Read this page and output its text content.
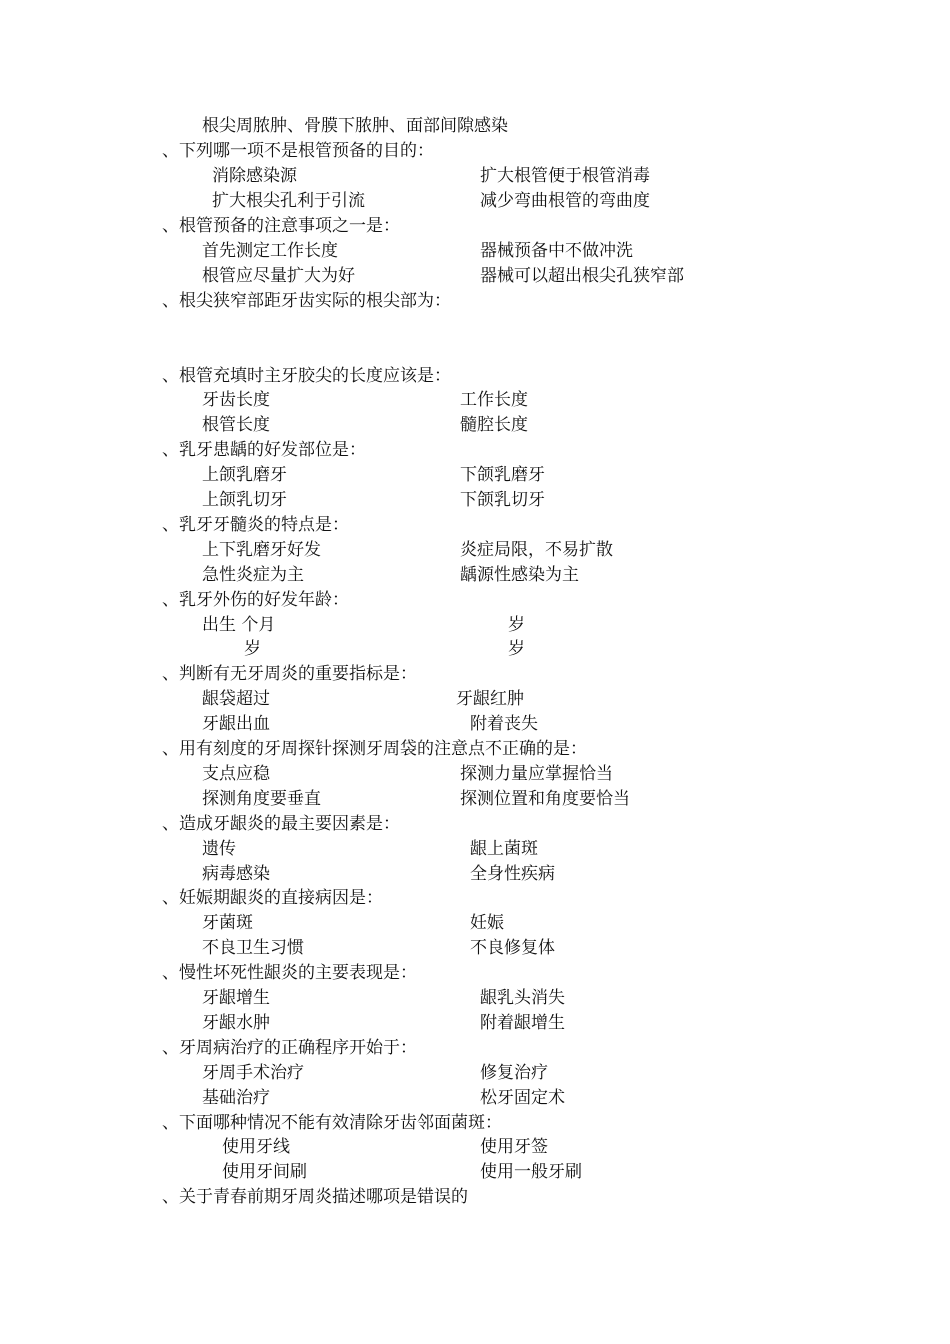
根尖周脓肿、骨膜下脓肿、面部间隙感染
、下列哪一项不是根管预备的目的：
消除感染源	扩大根管便于根管消毒
扩大根尖孔利于引流	减少弯曲根管的弯曲度
、根管预备的注意事项之一是：
首先测定工作长度	器械预备中不做冲洗
根管应尽量扩大为好	器械可以超出根尖孔狭窄部
、根尖狭窄部距牙齿实际的根尖部为：
、根管充填时主牙胶尖的长度应该是：
牙齿长度	工作长度
根管长度	髓腔长度
、乳牙患龋的好发部位是：
上颌乳磨牙	下颌乳磨牙
上颌乳切牙	下颌乳切牙
、乳牙牙髓炎的特点是：
上下乳磨牙好发	炎症局限，不易扩散
急性炎症为主	龋源性感染为主
、乳牙外伤的好发年龄：
出生 个月	岁
岁	岁
、判断有无牙周炎的重要指标是：
龈袋超过	牙龈红肿
牙龈出血	附着丧失
、用有刻度的牙周探针探测牙周袋的注意点不正确的是：
支点应稳	探测力量应掌握恰当
探测角度要垂直	探测位置和角度要恰当
、造成牙龈炎的最主要因素是：
遗传	龈上菌斑
病毒感染	全身性疾病
、妊娠期龈炎的直接病因是：
牙菌斑	妊娠
不良卫生习惯	不良修复体
、慢性坏死性龈炎的主要表现是：
牙龈增生	龈乳头消失
牙龈水肿	附着龈增生
、牙周病治疗的正确程序开始于：
牙周手术治疗	修复治疗
基础治疗	松牙固定术
、下面哪种情况不能有效清除牙齿邻面菌斑：
使用牙线	使用牙签
使用牙间刷	使用一般牙刷
、关于青春前期牙周炎描述哪项是错误的
